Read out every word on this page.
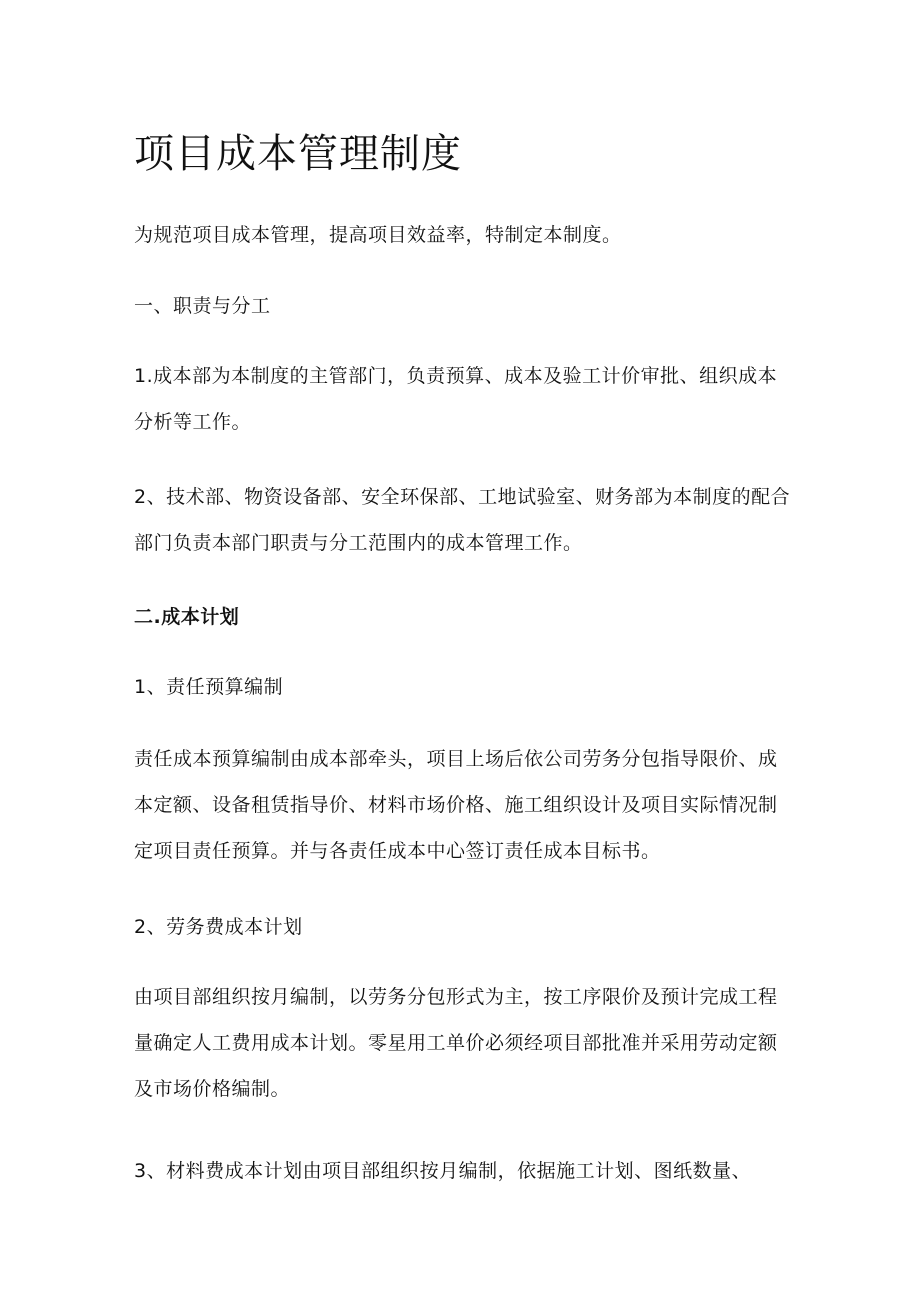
项目成本管理制度

为规范项目成本管理，提高项目效益率，特制定本制度。

一、职责与分工

1.成本部为本制度的主管部门，负责预算、成本及验工计价审批、组织成本分析等工作。

2、技术部、物资设备部、安全环保部、工地试验室、财务部为本制度的配合部门负责本部门职责与分工范围内的成本管理工作。

二.成本计划

1、责任预算编制

责任成本预算编制由成本部牵头，项目上场后依公司劳务分包指导限价、成本定额、设备租赁指导价、材料市场价格、施工组织设计及项目实际情况制定项目责任预算。并与各责任成本中心签订责任成本目标书。

2、劳务费成本计划

由项目部组织按月编制，以劳务分包形式为主，按工序限价及预计完成工程量确定人工费用成本计划。零星用工单价必须经项目部批准并采用劳动定额及市场价格编制。

3、材料费成本计划由项目部组织按月编制，依据施工计划、图纸数量、
